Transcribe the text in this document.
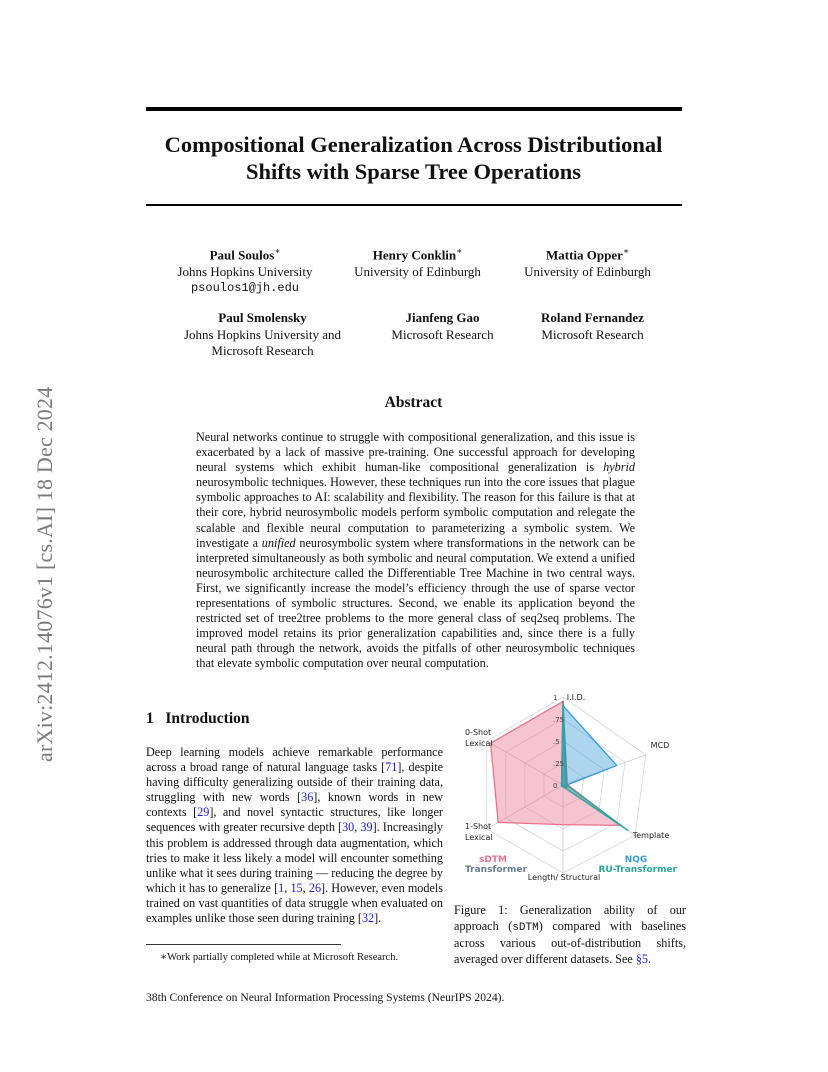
arXiv:2412.14076v1 [cs.AI] 18 Dec 2024
Compositional Generalization Across Distributional
Shifts with Sparse Tree Operations
Paul Soulos∗
Johns Hopkins University
psoulos1@jh.edu
Henry Conklin∗
University of Edinburgh
Mattia Opper∗
University of Edinburgh
Paul Smolensky
Johns Hopkins University and
Microsoft Research
Jianfeng Gao
Microsoft Research
Roland Fernandez
Microsoft Research
Abstract
Neural networks continue to struggle with compositional generalization, and this issue is exacerbated by a lack of massive pre-training. One successful approach for developing neural systems which exhibit human-like compositional generalization is hybrid neurosymbolic techniques. However, these techniques run into the core issues that plague symbolic approaches to AI: scalability and flexibility. The reason for this failure is that at their core, hybrid neurosymbolic models perform symbolic computation and relegate the scalable and flexible neural computation to parameterizing a symbolic system. We investigate a unified neurosymbolic system where transformations in the network can be interpreted simultaneously as both symbolic and neural computation. We extend a unified neurosymbolic architecture called the Differentiable Tree Machine in two central ways. First, we significantly increase the model’s efficiency through the use of sparse vector representations of symbolic structures. Second, we enable its application beyond the restricted set of tree2tree problems to the more general class of seq2seq problems. The improved model retains its prior generalization capabilities and, since there is a fully neural path through the network, avoids the pitfalls of other neurosymbolic techniques that elevate symbolic computation over neural computation.
1 Introduction
Deep learning models achieve remarkable performance across a broad range of natural language tasks [71], despite having difficulty generalizing outside of their training data, struggling with new words [36], known words in new contexts [29], and novel syntactic structures, like longer sequences with greater recursive depth [30, 39]. Increasingly this problem is addressed through data augmentation, which tries to make it less likely a model will encounter something unlike what it sees during training — reducing the degree by which it has to generalize [1, 15, 26]. However, even models trained on vast quantities of data struggle when evaluated on examples unlike those seen during training [32].
∗Work partially completed while at Microsoft Research.
0
.25
.5
.75
1 I.I.D.
MCD
Template
Length/ Structural
1-Shot
Lexical
0-Shot
Lexical
sDTM
Transformer
NQG
RU-Transformer
Figure 1: Generalization ability of our approach (sDTM) compared with baselines across various out-of-distribution shifts, averaged over different datasets. See §5.
38th Conference on Neural Information Processing Systems (NeurIPS 2024).
